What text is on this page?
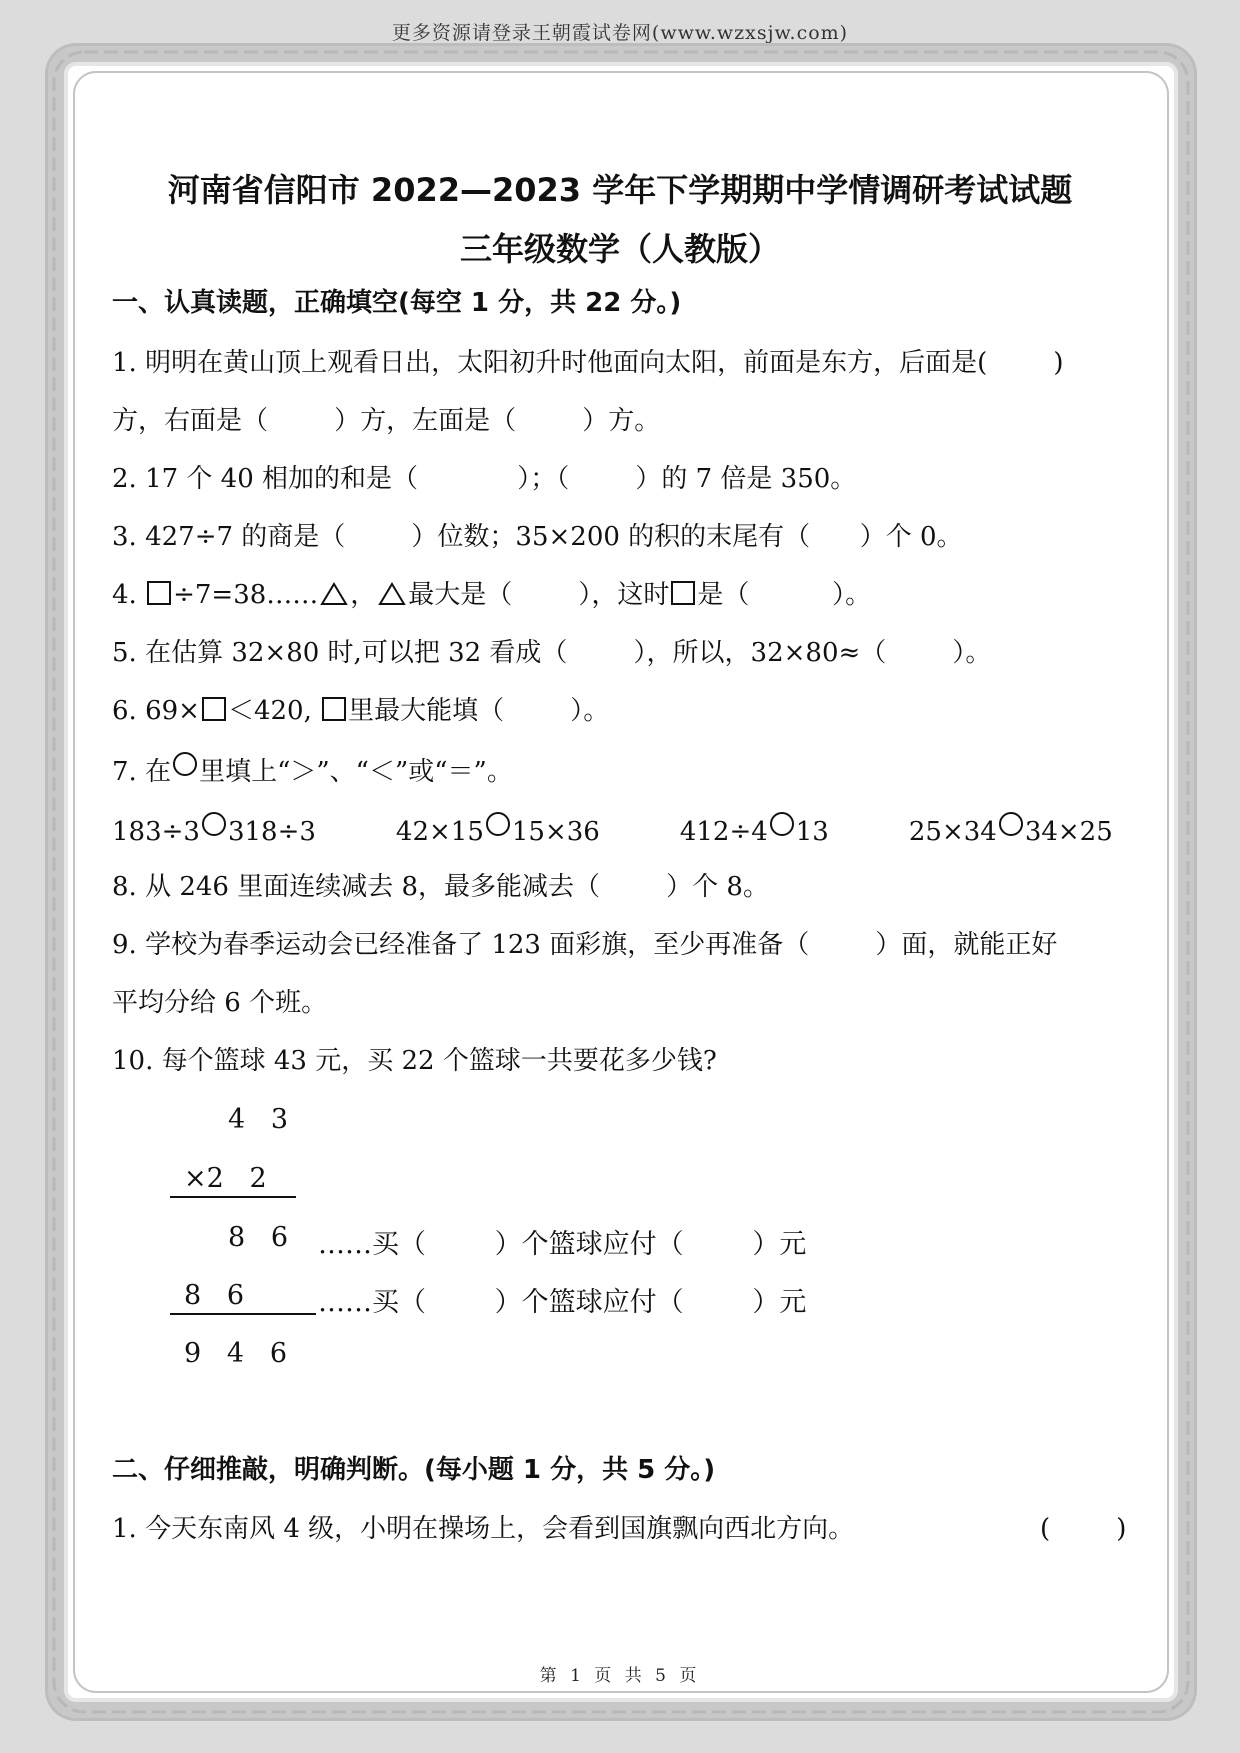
更多资源请登录王朝霞试卷网(www.wzxsjw.com)
河南省信阳市 2022—2023 学年下学期期中学情调研考试试题
三年级数学（人教版）
一、认真读题，正确填空(每空 1 分，共 22 分。)
1. 明明在黄山顶上观看日出，太阳初升时他面向太阳，前面是东方，后面是(        )
方，右面是（        ）方，左面是（        ）方。
2. 17 个 40 相加的和是（            ）；（        ）的 7 倍是 350。
3. 427÷7 的商是（        ）位数；35×200 的积的末尾有（      ）个 0。
4. ÷7=38…… ， 最大是（        ），这时 是（          ）。
5. 在估算 32×80 时,可以把 32 看成（        ），所以，32×80≈（        ）。
6. 69× ＜420, 里最大能填（        ）。
7. 在 里填上“＞”、“＜”或“＝”。
183÷3 318÷3	42×15 15×36	412÷4 13	25×34 34×25
8. 从 246 里面连续减去 8，最多能减去（        ）个 8。
9. 学校为春季运动会已经准备了 123 面彩旗，至少再准备（        ）面，就能正好
平均分给 6 个班。
10. 每个篮球 43 元，买 22 个篮球一共要花多少钱?
4   3
×2   2
8   6 ……买（        ）个篮球应付（        ）元
8   6	……买（        ）个篮球应付（        ）元
9   4   6
二、仔细推敲，明确判断。(每小题 1 分，共 5 分。)
1. 今天东南风 4 级，小明在操场上，会看到国旗飘向西北方向。	(        )
第 1 页 共 5 页
